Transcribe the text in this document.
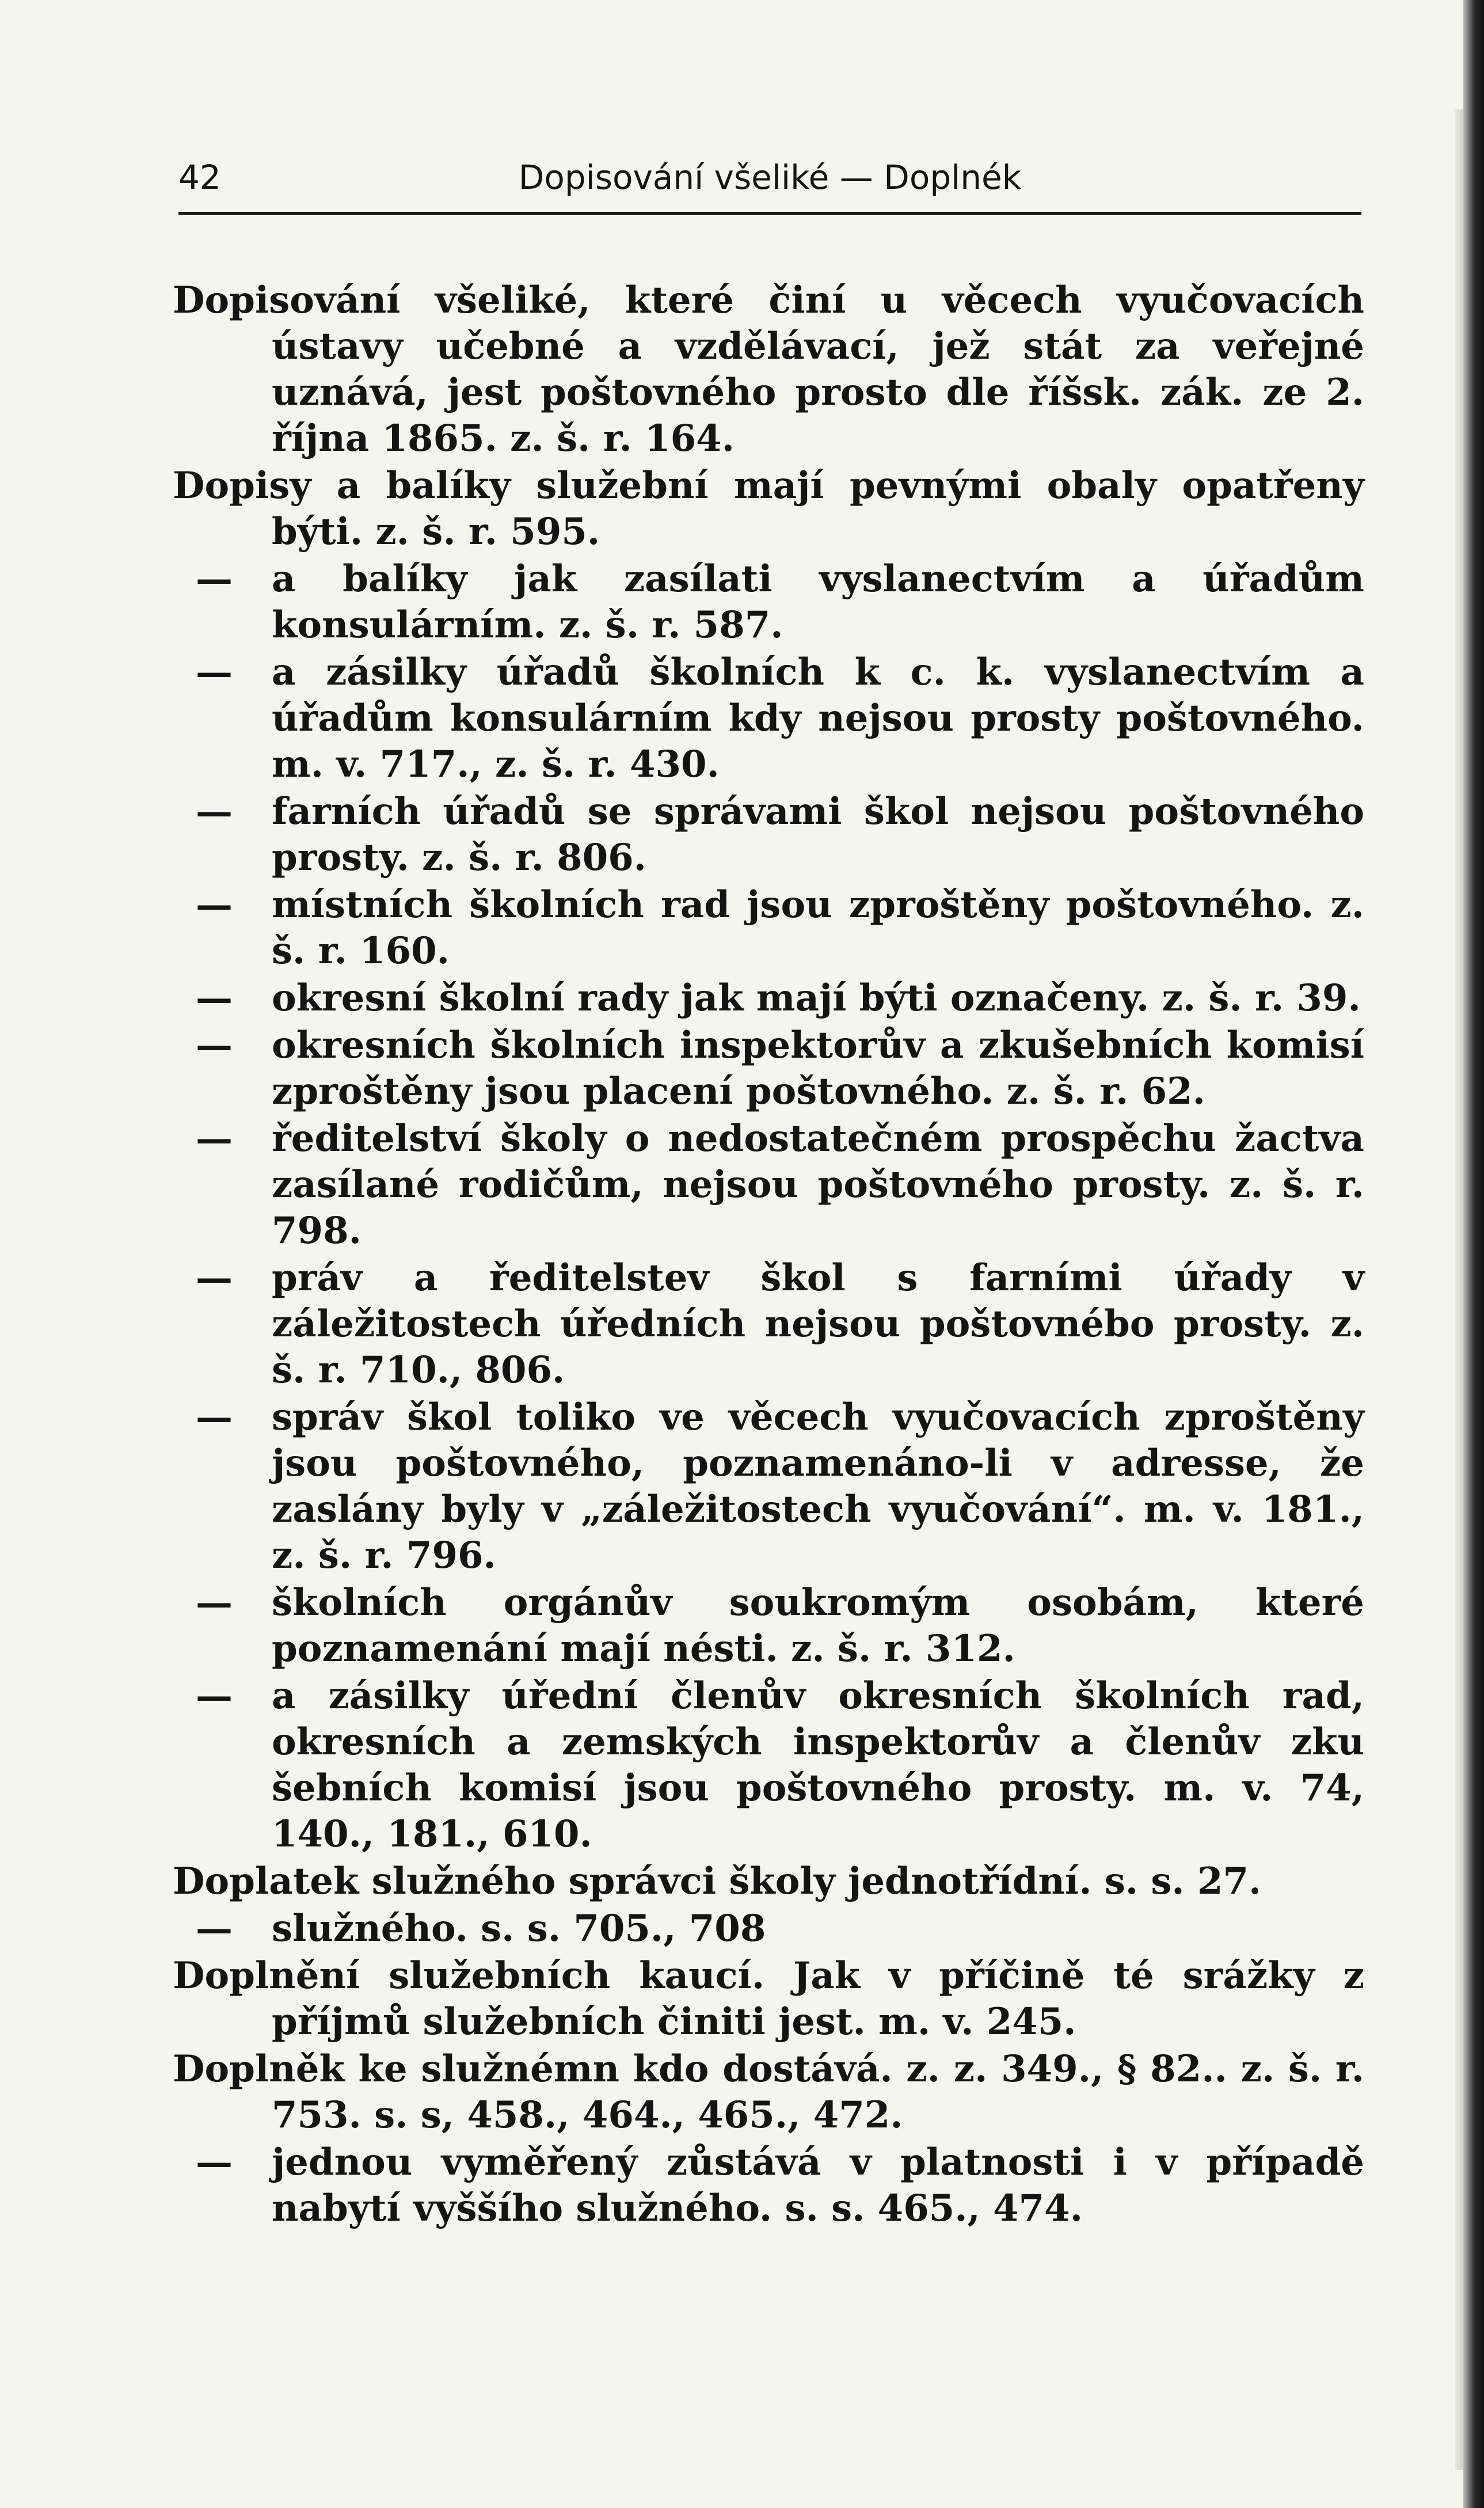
42	Dopisování všeliké — Doplnék

Dopisování všeliké, které činí u věcech vyučovacích ústavy učebné a vzdělávací, jež stát za veřejné uznává, jest poštovného prosto dle říšsk. zák. ze 2. října 1865. z. š. r. 164.

Dopisy a balíky služební mají pevnými obaly opatřeny býti. z. š. r. 595.

— a balíky jak zasílati vyslanectvím a úřadům konsulárním. z. š. r. 587.

— a zásilky úřadů školních k c. k. vyslanectvím a úřadům konsulárním kdy nejsou prosty poštovného. m. v. 717., z. š. r. 430.

— farních úřadů se správami škol nejsou poštovného prosty. z. š. r. 806.

— místních školních rad jsou zproštěny poštovného. z. š. r. 160.

— okresní školní rady jak mají býti označeny. z. š. r. 39.

— okresních školních inspektorův a zkušebních komisí zproštěny jsou placení poštovného. z. š. r. 62.

— ředitelství školy o nedostatečném prospěchu žactva zasílané rodičům, nejsou poštovného prosty. z. š. r. 798.

— práv a ředitelstev škol s farními úřady v záležitostech úředních nejsou poštovnébo prosty. z. š. r. 710., 806.

— správ škol toliko ve věcech vyučovacích zproštěny jsou poštovného, poznamenáno-li v adresse, že zaslány byly v „záležitostech vyučování“. m. v. 181., z. š. r. 796.

— školních orgánův soukromým osobám, které poznamenání mají nésti. z. š. r. 312.

— a zásilky úřední členův okresních školních rad, okresních a zemských inspektorův a členův zku šebních komisí jsou poštovného prosty. m. v. 74, 140., 181., 610.

Doplatek služného správci školy jednotřídní. s. s. 27.

— služného. s. s. 705., 708

Doplnění služebních kaucí. Jak v příčině té srážky z příjmů služebních činiti jest. m. v. 245.

Doplněk ke služnémn kdo dostává. z. z. 349., § 82.. z. š. r. 753. s. s, 458., 464., 465., 472.

— jednou vyměřený zůstává v platnosti i v případě nabytí vyššího služného. s. s. 465., 474.
